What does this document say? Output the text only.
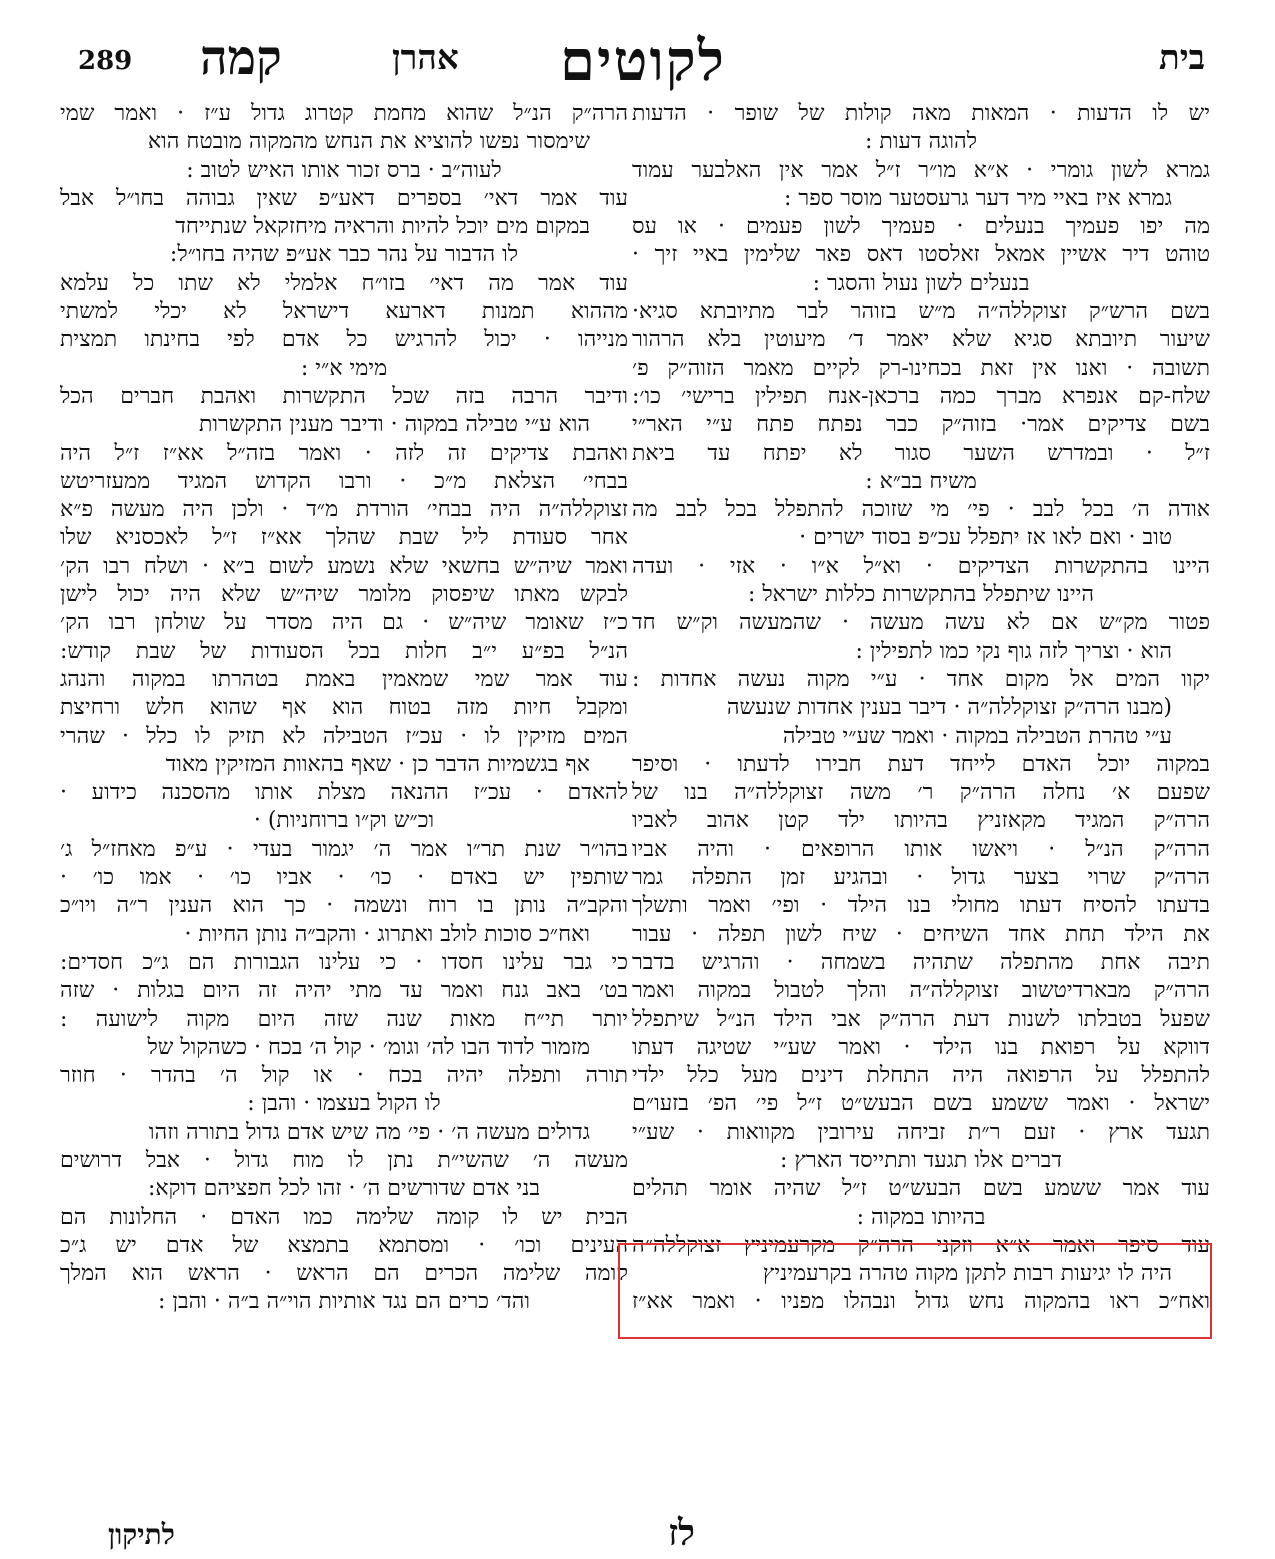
בית
לקוטים
אהרן
קמה
289
יש לו הדעות · המאות מאה קולות של שופר · הדעות
להוגה דעות :
גמרא לשון גומרי · א״א מו״ר ז״ל אמר אין האלבער עמוד
גמרא איז באיי מיר דער גרעסטער מוסר ספר :
מה יפו פעמיך בנעלים · פעמיך לשון פעמים · או עס
טוהט דיר אשיין אמאל זאלסטו דאס פאר שלימין באיי זיך ·
בנעלים לשון נעול והסגר :
בשם הרש״ק זצוקללה״ה מ״ש בזוהר לבר מתיובתא סגיא·
שיעור תיובתא סגיא שלא יאמר ד׳ מיעוטין בלא הרהור
תשובה · ואנו אין זאת בכחינו-רק לקיים מאמר הזוה״ק פ׳
שלח-קם אנפרא מברך כמה ברכאן-אנח תפילין ברישי׳ כו׳:
בשם צדיקים אמר· בזוה״ק כבר נפתח פתח ע״י האר״י
ז״ל · ובמדרש השער סגור לא יפתח עד ביאת
משיח בב״א :
אודה ה׳ בכל לבב · פי׳ מי שזוכה להתפלל בכל לבב מה
טוב · ואם לאו אז יתפלל עכ״פ בסוד ישרים ·
היינו בהתקשרות הצדיקים · וא״ל א״ו · אזי · ועדה
היינו שיתפלל בהתקשרות כללות ישראל :
פטור מק״ש אם לא עשה מעשה · שהמעשה וק״ש חד
הוא · וצריך לזה גוף נקי כמו לתפילין :
יקוו המים אל מקום אחד · ע״י מקוה נעשה אחדות :
(מבנו הרה״ק זצוקללה״ה · דיבר בענין אחדות שנעשה
ע״י טהרת הטבילה במקוה · ואמר שע״י טבילה
במקוה יוכל האדם לייחד דעת חבירו לדעתו · וסיפר
שפעם א׳ נחלה הרה״ק ר׳ משה זצוקללה״ה בנו של
הרה״ק המגיד מקאזניץ בהיותו ילד קטן אהוב לאביו
הרה״ק הנ״ל · ויאשו אותו הרופאים · והיה אביו
הרה״ק שרוי בצער גדול · ובהגיע זמן התפלה גמר
בדעתו להסיח דעתו מחולי בנו הילד · ופי׳ ואמר ותשלך
את הילד תחת אחד השיחים · שיח לשון תפלה · עבור
תיבה אחת מהתפלה שתהיה בשמחה · והרגיש בדבר
הרה״ק מבארדיטשוב זצוקללה״ה והלך לטבול במקוה ואמר
שפעל בטבלתו לשנות דעת הרה״ק אבי הילד הנ״ל שיתפלל
דווקא על רפואת בנו הילד · ואמר שע״י שטיגה דעתו
להתפלל על הרפואה היה התחלת דינים מעל כלל ילדי
ישראל · ואמר ששמע בשם הבעש״ט ז״ל פי׳ הפ׳ בזעו״ם
תגעד ארץ · זעם ר״ת זביחה עירובין מקוואות · שע״י
דברים אלו תגעד ותתייסד הארץ :
עוד אמר ששמע בשם הבעש״ט ז״ל שהיה אומר תהלים
בהיותו במקוה :
עוד סיפר ואמר א״א וזקני הרה״ק מקרעמיניץ זצוקללה״ה
היה לו יגיעות רבות לתקן מקוה טהרה בקרעמיניץ
ואח״כ ראו בהמקוה נחש גדול ונבהלו מפניו · ואמר אא״ז
הרה״ק הנ״ל שהוא מחמת קטרוג גדול ע״ז · ואמר שמי
שימסור נפשו להוציא את הנחש מהמקוה מובטח הוא
לעוה״ב · ברס זכור אותו האיש לטוב :
עוד אמר דאי׳ בספרים דאע״פ שאין גבוהה בחו״ל אבל
במקום מים יוכל להיות והראיה מיחזקאל שנתייחד
לו הדבור על נהר כבר אע״פ שהיה בחו״ל:
עוד אמר מה דאי׳ בזו״ח אלמלי לא שתו כל עלמא
מההוא תמנות דארעא דישראל לא יכלי למשתי
מנייהו · יכול להרגיש כל אדם לפי בחינתו תמצית
מימי א״י :
ודיבר הרבה בזה שכל התקשרות ואהבת חברים הכל
הוא ע״י טבילה במקוה · ודיבר מענין התקשרות
ואהבת צדיקים זה לזה · ואמר בזה״ל אא״ז ז״ל היה
בבחי׳ הצלאת מ״כ · ורבו הקדוש המגיד ממעזריטש
זצוקללה״ה היה בבחי׳ הורדת מ״ד · ולכן היה מעשה פ״א
אחר סעודת ליל שבת שהלך אא״ז ז״ל לאכסניא שלו
ואמר שיה״ש בחשאי שלא נשמע לשום ב״א · ושלח רבו הק׳
לבקש מאתו שיפסוק מלומר שיה״ש שלא היה יכול לישן
כ״ז שאומר שיה״ש · גם היה מסדר על שולחן רבו הק׳
הנ״ל בפ״ע י״ב חלות בכל הסעודות של שבת קודש:
עוד אמר שמי שמאמין באמת בטהרתו במקוה והנהג
ומקבל חיות מזה בטוח הוא אף שהוא חלש ורחיצת
המים מזיקין לו · עכ״ז הטבילה לא תזיק לו כלל · שהרי
אף בגשמיות הדבר כן · שאף בהאוות המזיקין מאוד
להאדם · עכ״ז ההנאה מצלת אותו מהסכנה כידוע ·
וכ״ש וק״ו ברוחניות) ·
בהו״ר שנת תר״ו אמר ה׳ יגמור בעדי · ע״פ מאחז״ל ג׳
שותפין יש באדם · כו׳ · אביו כו׳ · אמו כו׳ ·
והקב״ה נותן בו רוח ונשמה · כך הוא הענין ר״ה ויו״כ
ואח״כ סוכות לולב ואתרוג · והקב״ה נותן החיות ·
כי גבר עלינו חסדו · כי עלינו הגבורות הם ג״כ חסדים:
בט׳ באב גנח ואמר עד מתי יהיה זה היום בגלות · שזה
יותר תי״ח מאות שנה שזה היום מקוה לישועה :
מזמור לדוד הבו לה׳ וגומ׳ · קול ה׳ בכח · כשהקול של
תורה ותפלה יהיה בכח · או קול ה׳ בהדר · חוזר
לו הקול בעצמו · והבן :
גדולים מעשה ה׳ · פי׳ מה שיש אדם גדול בתורה וזהו
מעשה ה׳ שהשי״ת נתן לו מוח גדול · אבל דרושים
בני אדם שדורשים ה׳ · זהו לכל חפציהם דוקא:
הבית יש לו קומה שלימה כמו האדם · החלונות הם
העינים וכו׳ · ומסתמא בתמצא של אדם יש ג״כ
קומה שלימה הכרים הם הראש · הראש הוא המלך
והד׳ כרים הם נגד אותיות הוי״ה ב״ה · והבן :
לז
לתיקון
